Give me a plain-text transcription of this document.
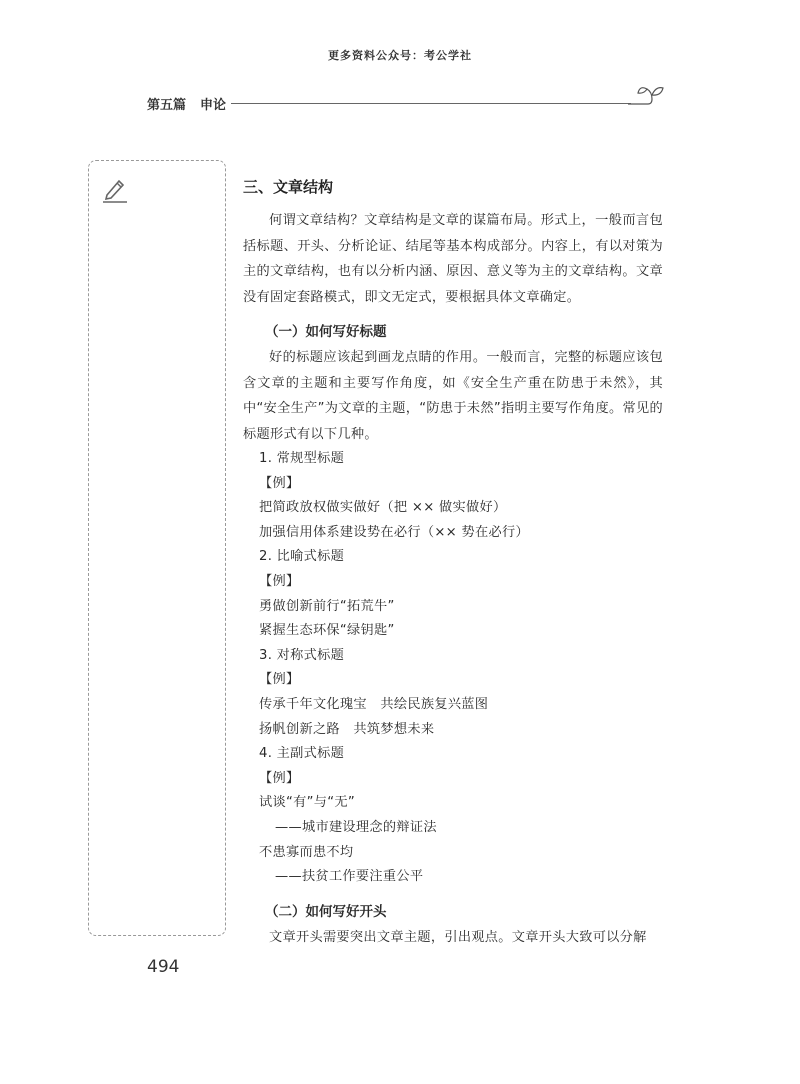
更多资料公众号：考公学社
第五篇 申论
三、文章结构

何谓文章结构？文章结构是文章的谋篇布局。形式上，一般而言包括标题、开头、分析论证、结尾等基本构成部分。内容上，有以对策为主的文章结构，也有以分析内涵、原因、意义等为主的文章结构。文章没有固定套路模式，即文无定式，要根据具体文章确定。

（一）如何写好标题

好的标题应该起到画龙点睛的作用。一般而言，完整的标题应该包含文章的主题和主要写作角度，如《安全生产重在防患于未然》，其中“安全生产”为文章的主题，“防患于未然”指明主要写作角度。常见的标题形式有以下几种。

1. 常规型标题
【例】
把简政放权做实做好（把 ×× 做实做好）
加强信用体系建设势在必行（×× 势在必行）
2. 比喻式标题
【例】
勇做创新前行“拓荒牛”
紧握生态环保“绿钥匙”
3. 对称式标题
【例】
传承千年文化瑰宝　共绘民族复兴蓝图
扬帆创新之路　共筑梦想未来
4. 主副式标题
【例】
试谈“有”与“无”
——城市建设理念的辩证法
不患寡而患不均
——扶贫工作要注重公平
（二）如何写好开头

文章开头需要突出文章主题，引出观点。文章开头大致可以分解

494
